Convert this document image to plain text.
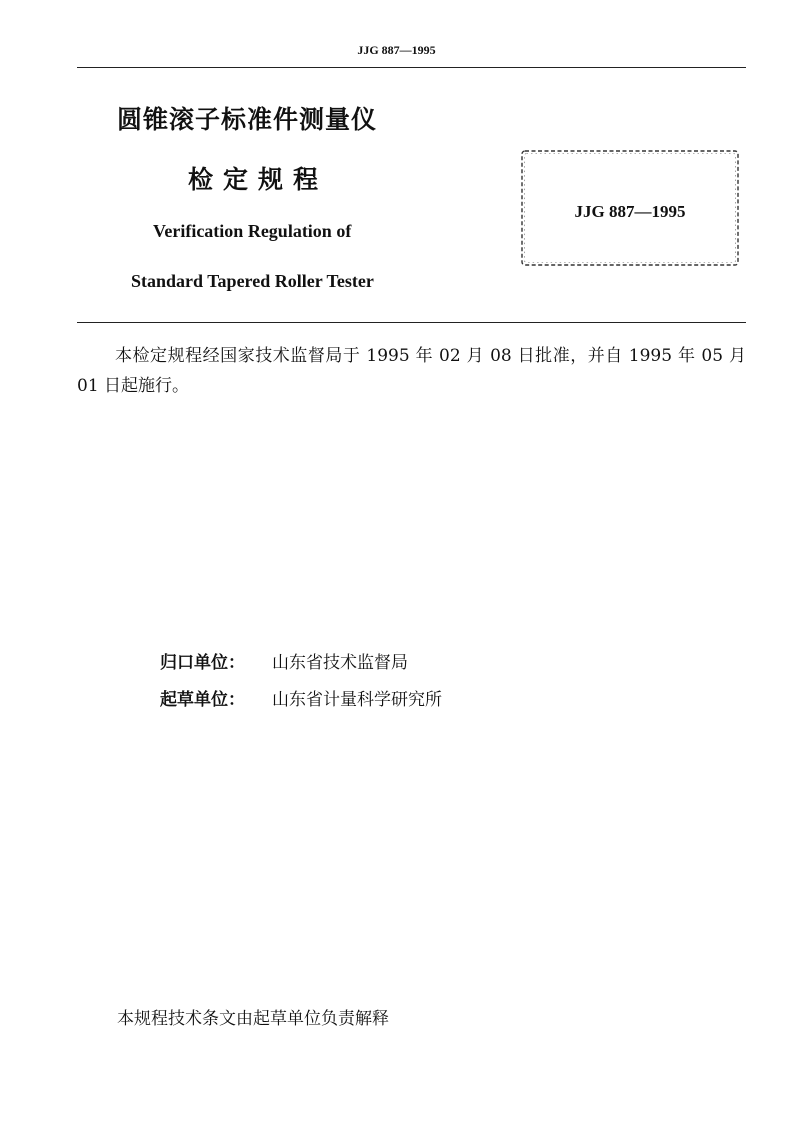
JJG 887—1995
圆锥滚子标准件测量仪
检定规程
Verification Regulation of
Standard Tapered Roller Tester
JJG 887—1995
本检定规程经国家技术监督局于 1995 年 02 月 08 日批准，并自 1995 年 05 月 01 日起施行。
归口单位： 山东省技术监督局
起草单位： 山东省计量科学研究所
本规程技术条文由起草单位负责解释
